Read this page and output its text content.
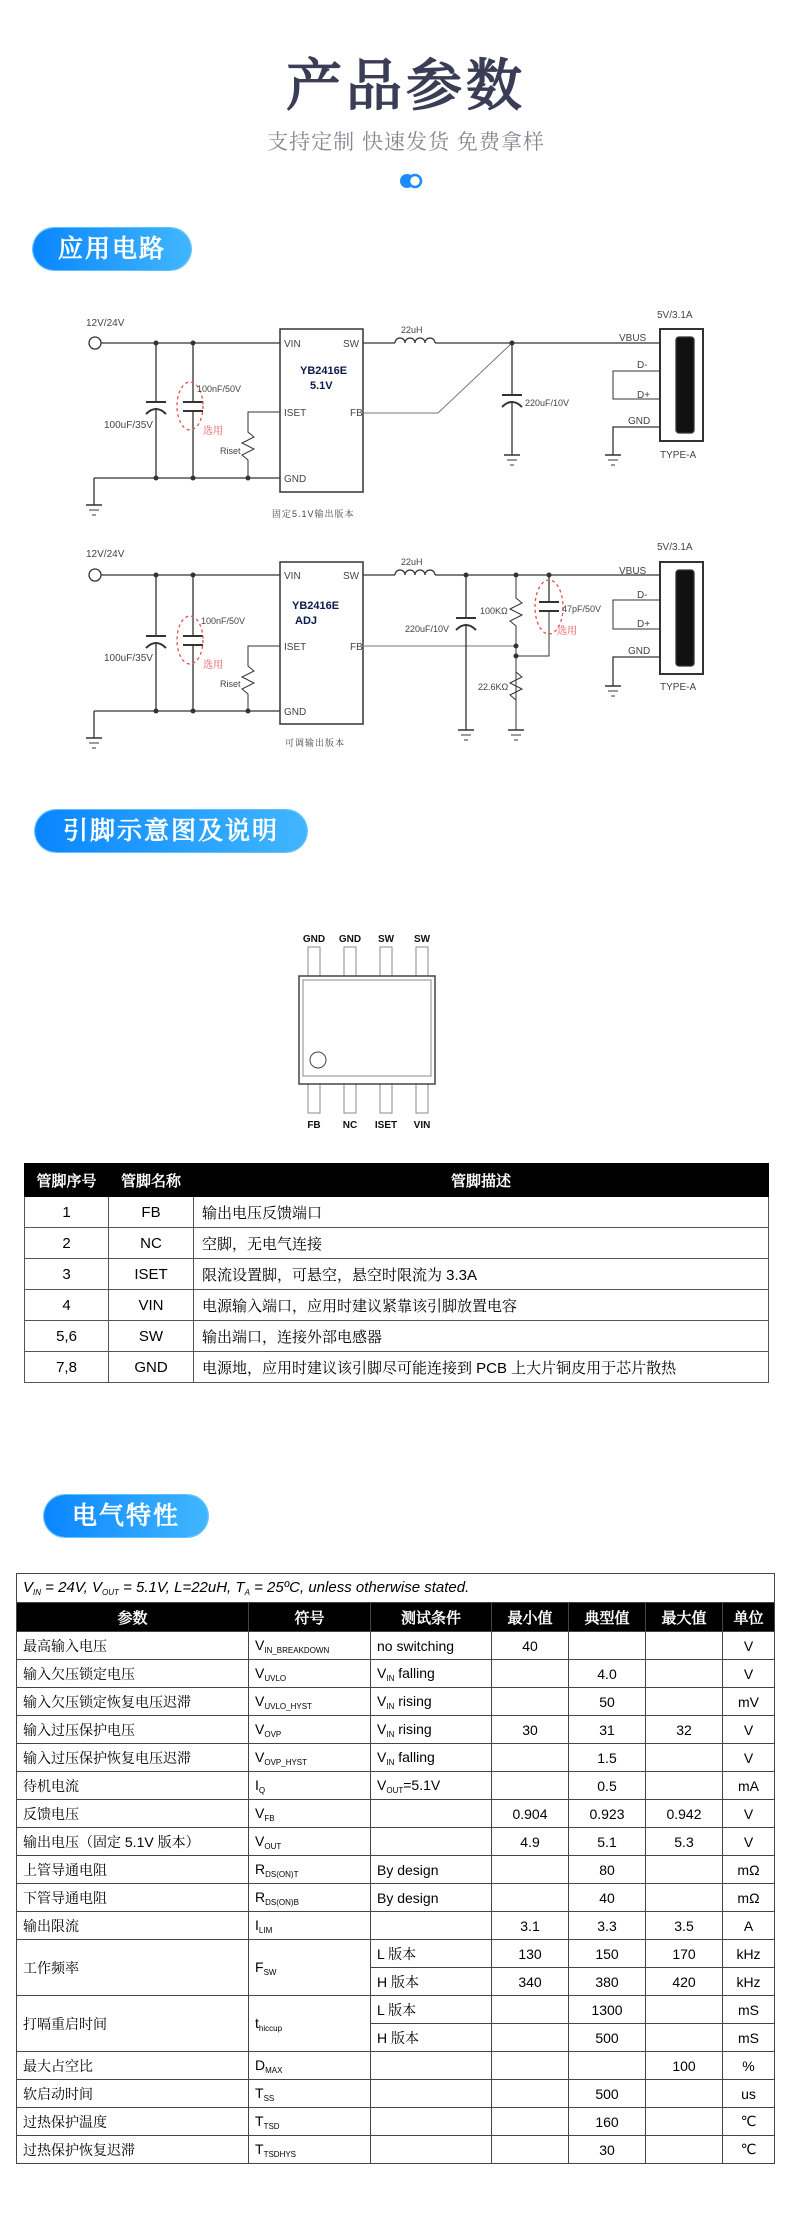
产品参数
支持定制 快速发货 免费拿样
应用电路
引脚示意图及说明
电气特性
12V/24V
100uF/35V
100nF/50V
选用
Riset
VIN	SW
ISET	FB
GND
YB2416E
5.1V
22uH
220uF/10V
5V/3.1A
VBUS
D-
D+
GND
TYPE-A
固定5.1V输出版本
12V/24V
100uF/35V
100nF/50V
选用
Riset
VIN	SW
ISET	FB
GND
YB2416E
ADJ
22uH
220uF/10V
100KΩ
22.6KΩ
47pF/50V
选用
5V/3.1A
VBUS
D-
D+
GND
TYPE-A
可调输出版本
GND GND SW SW
FB NC ISET VIN
管脚序号	管脚名称	管脚描述
1	FB	输出电压反馈端口
2	NC	空脚，无电气连接
3	ISET	限流设置脚，可悬空，悬空时限流为 3.3A
4	VIN	电源输入端口，应用时建议紧靠该引脚放置电容
5,6	SW	输出端口，连接外部电感器
7,8	GND	电源地，应用时建议该引脚尽可能连接到 PCB 上大片铜皮用于芯片散热
$V_{IN} = 24V$, $V_{OUT} = 5.1V$, L=22uH, $T_A$ = 25ºC, unless otherwise stated.						
参数	符号	测试条件	最小值	典型值	最大值	单位
最高输入电压	$V_{IN\_BREAKDOWN}$	no switching	40			V
输入欠压锁定电压	$V_{UVLO}$	$V_{IN}$ falling		4.0		V
输入欠压锁定恢复电压迟滞	$V_{UVLO\_HYST}$	$V_{IN}$ rising		50		mV
输入过压保护电压	$V_{OVP}$	$V_{IN}$ rising	30	31	32	V
输入过压保护恢复电压迟滞	$V_{OVP\_HYST}$	$V_{IN}$ falling		1.5		V
待机电流	$I_Q$	$V_{OUT}=5.1V$		0.5		mA
反馈电压	$V_{FB}$		0.904	0.923	0.942	V
输出电压（固定 5.1V 版本）	$V_{OUT}$		4.9	5.1	5.3	V
上管导通电阻	$R_{DS(ON)T}$	By design		80		mΩ
下管导通电阻	$R_{DS(ON)B}$	By design		40		mΩ
输出限流	$I_{LIM}$		3.1	3.3	3.5	A
工作频率	$F_{SW}$	L 版本	130	150	170	kHz
		H 版本	340	380	420	kHz
打嗝重启时间	$t_{hiccup}$	L 版本		1300		mS
		H 版本		500		mS
最大占空比	$D_{MAX}$				100	%
软启动时间	$T_{SS}$			500		us
过热保护温度	$T_{TSD}$			160		℃
过热保护恢复迟滞	$T_{TSDHYS}$			30		℃
